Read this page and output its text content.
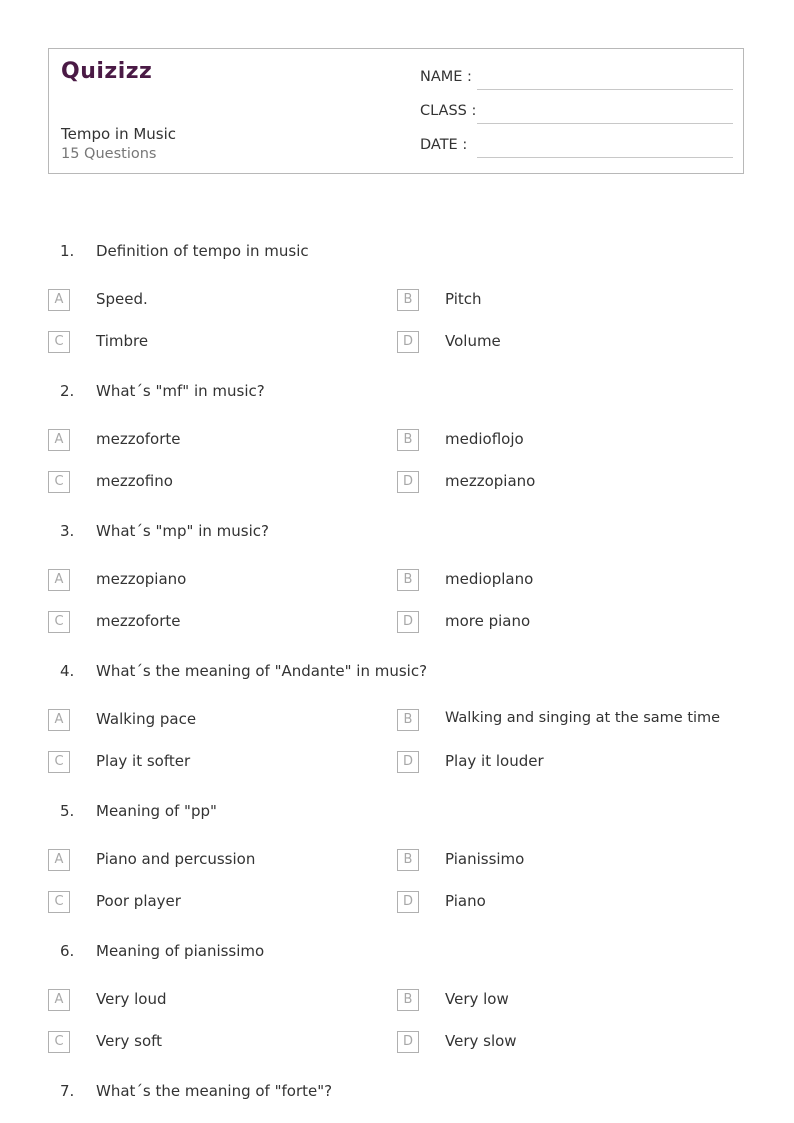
Quizizz
Tempo in Music
15 Questions
NAME :
CLASS :
DATE :
1. Definition of tempo in music
A	Speed.	B	Pitch
C	Timbre	D	Volume
2. What´s "mf" in music?
A	mezzoforte	B	medioflojo
C	mezzofino	D	mezzopiano
3. What´s "mp" in music?
A	mezzopiano	B	medioplano
C	mezzoforte	D	more piano
4. What´s the meaning of "Andante" in music?
A	Walking pace	B	Walking and singing at the same time
C	Play it softer	D	Play it louder
5. Meaning of "pp"
A	Piano and percussion	B	Pianissimo
C	Poor player	D	Piano
6. Meaning of pianissimo
A	Very loud	B	Very low
C	Very soft	D	Very slow
7. What´s the meaning of "forte"?
